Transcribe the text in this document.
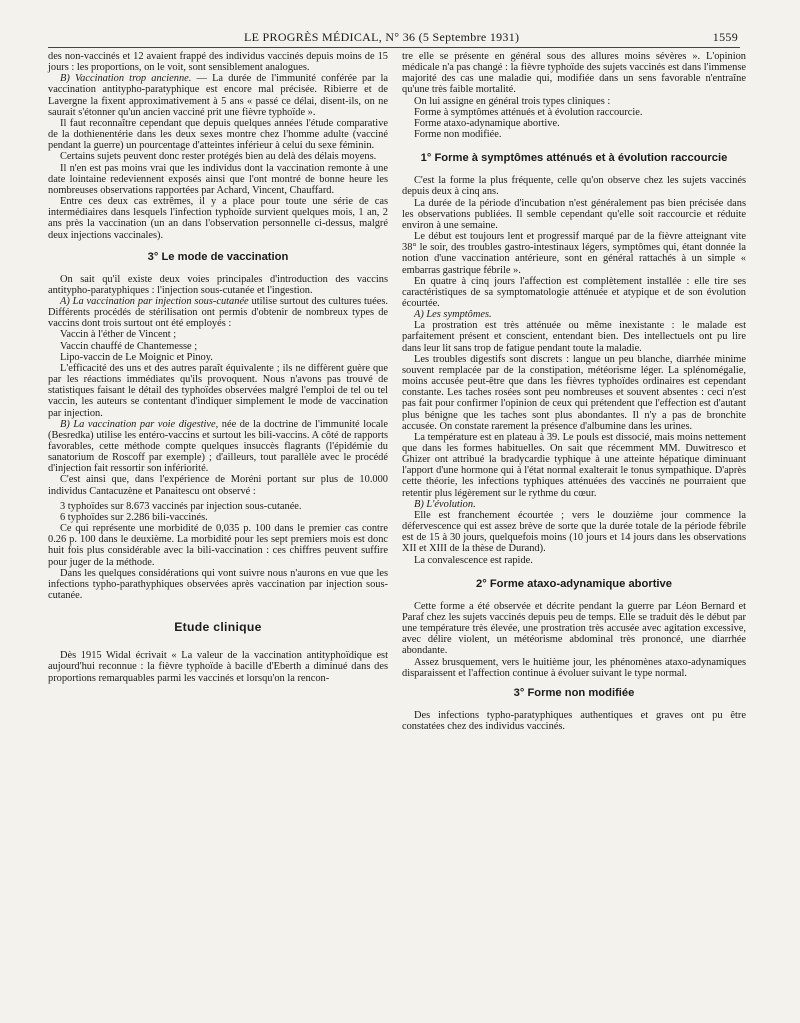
LE PROGRÈS MÉDICAL, N° 36 (5 Septembre 1931)	1559

des non-vaccinés et 12 avaient frappé des individus vaccinés depuis moins de 15 jours : les proportions, on le voit, sont sensiblement analogues.

B) Vaccination trop ancienne. — La durée de l'immunité conférée par la vaccination antitypho-paratyphique est encore mal précisée. Ribierre et de Lavergne la fixent approximativement à 5 ans « passé ce délai, disent-ils, on ne saurait s'étonner qu'un ancien vacciné prit une fièvre typhoïde ».

Il faut reconnaître cependant que depuis quelques années l'étude comparative de la dothienentérie dans les deux sexes montre chez l'homme adulte (vacciné pendant la guerre) un pourcentage d'atteintes inférieur à celui du sexe féminin.

Certains sujets peuvent donc rester protégés bien au delà des délais moyens.

Il n'en est pas moins vrai que les individus dont la vaccination remonte à une date lointaine redeviennent exposés ainsi que l'ont montré de bonne heure les nombreuses observations rapportées par Achard, Vincent, Chauffard.

Entre ces deux cas extrêmes, il y a place pour toute une série de cas intermédiaires dans lesquels l'infection typhoïde survient quelques mois, 1 an, 2 ans près la vaccination (un an dans l'observation personnelle ci-dessus, malgré deux injections vaccinales).

3° Le mode de vaccination

On sait qu'il existe deux voies principales d'introduction des vaccins antitypho-paratyphiques : l'injection sous-cutanée et l'ingestion.

A) La vaccination par injection sous-cutanée utilise surtout des cultures tuées. Différents procédés de stérilisation ont permis d'obtenir de nombreux types de vaccins dont trois surtout ont été employés :

Vaccin à l'éther de Vincent ;

Vaccin chauffé de Chantemesse ;

Lipo-vaccin de Le Moignic et Pinoy.

L'efficacité des uns et des autres paraît équivalente ; ils ne diffèrent guère que par les réactions immédiates qu'ils provoquent. Nous n'avons pas trouvé de statistiques faisant le détail des typhoïdes observées malgré l'emploi de tel ou tel vaccin, les auteurs se contentant d'indiquer simplement le mode de vaccination par injection.

B) La vaccination par voie digestive, née de la doctrine de l'immunité locale (Besredka) utilise les entéro-vaccins et surtout les bili-vaccins. A côté de rapports favorables, cette méthode compte quelques insuccès flagrants (l'épidémie du sanatorium de Roscoff par exemple) ; d'ailleurs, tout parallèle avec le procédé d'injection fait ressortir son infériorité.

C'est ainsi que, dans l'expérience de Moréni portant sur plus de 10.000 individus Cantacuzène et Panaitescu ont observé :

3 typhoïdes sur 8.673 vaccinés par injection sous-cutanée.

6 typhoïdes sur 2.286 bili-vaccinés.

Ce qui représente une morbidité de 0,035 p. 100 dans le premier cas contre 0.26 p. 100 dans le deuxième. La morbidité pour les sept premiers mois est donc huit fois plus considérable avec la bili-vaccination : ces chiffres peuvent suffire pour juger de la méthode.

Dans les quelques considérations qui vont suivre nous n'aurons en vue que les infections typho-parathyphiques observées après vaccination par injection sous-cutanée.

Etude clinique

Dès 1915 Widal écrivait « La valeur de la vaccination antityphoïdique est aujourd'hui reconnue : la fièvre typhoïde à bacille d'Eberth a diminué dans des proportions remarquables parmi les vaccinés et lorsqu'on la rencon-

tre elle se présente en général sous des allures moins sévères ». L'opinion médicale n'a pas changé : la fièvre typhoïde des sujets vaccinés est dans l'immense majorité des cas une maladie qui, modifiée dans un sens favorable n'entraîne qu'une très faible mortalité.

On lui assigne en général trois types cliniques :

Forme à symptômes atténués et à évolution raccourcie.

Forme ataxo-adynamique abortive.

Forme non modifiée.

1° Forme à symptômes atténués et à évolution raccourcie

C'est la forme la plus fréquente, celle qu'on observe chez les sujets vaccinés depuis deux à cinq ans.

La durée de la période d'incubation n'est généralement pas bien précisée dans les observations publiées. Il semble cependant qu'elle soit raccourcie et réduite environ à une semaine.

Le début est toujours lent et progressif marqué par de la fièvre atteignant vite 38° le soir, des troubles gastro-intestinaux légers, symptômes qui, étant donnée la notion d'une vaccination antérieure, sont en général rattachés à un simple « embarras gastrique fébrile ».

En quatre à cinq jours l'affection est complètement installée : elle tire ses caractéristiques de sa symptomatologie atténuée et atypique et de son évolution écourtée.

A) Les symptômes.

La prostration est très atténuée ou même inexistante : le malade est parfaitement présent et conscient, entendant bien. Des intellectuels ont pu lire dans leur lit sans trop de fatigue pendant toute la maladie.

Les troubles digestifs sont discrets : langue un peu blanche, diarrhée minime souvent remplacée par de la constipation, météorisme léger. La splénomégalie, moins accusée peut-être que dans les fièvres typhoïdes ordinaires est cependant constante. Les taches rosées sont peu nombreuses et souvent absentes : ceci n'est pas fait pour confirmer l'opinion de ceux qui prétendent que l'effection est d'autant plus bénigne que les taches sont plus abondantes. Il n'y a pas de bronchite accusée. On constate rarement la présence d'albumine dans les urines.

La température est en plateau à 39. Le pouls est dissocié, mais moins nettement que dans les formes habituelles. On sait que récemment MM. Duwitresco et Ghizer ont attribué la bradycardie typhique à une atteinte hépatique diminuant l'apport d'une hormone qui à l'état normal exalterait le tonus sympathique. D'après cette théorie, les infections typhiques atténuées des vaccinés ne pourraient que retentir plus légèrement sur le rythme du cœur.

B) L'évolution.

Elle est franchement écourtée ; vers le douzième jour commence la défervescence qui est assez brève de sorte que la durée totale de la période fébrile est de 15 à 30 jours, quelquefois moins (10 jours et 14 jours dans les observations XII et XIII de la thèse de Durand).

La convalescence est rapide.

2° Forme ataxo-adynamique abortive

Cette forme a été observée et décrite pendant la guerre par Léon Bernard et Paraf chez les sujets vaccinés depuis peu de temps. Elle se traduit dès le début par une température très élevée, une prostration très accusée avec agitation excessive, avec délire violent, un météorisme abdominal très prononcé, une diarrhée abondante.

Assez brusquement, vers le huitième jour, les phénomènes ataxo-adynamiques disparaissent et l'affection continue à évoluer suivant le type normal.

3° Forme non modifiée

Des infections typho-paratyphiques authentiques et graves ont pu être constatées chez des individus vaccinés.
